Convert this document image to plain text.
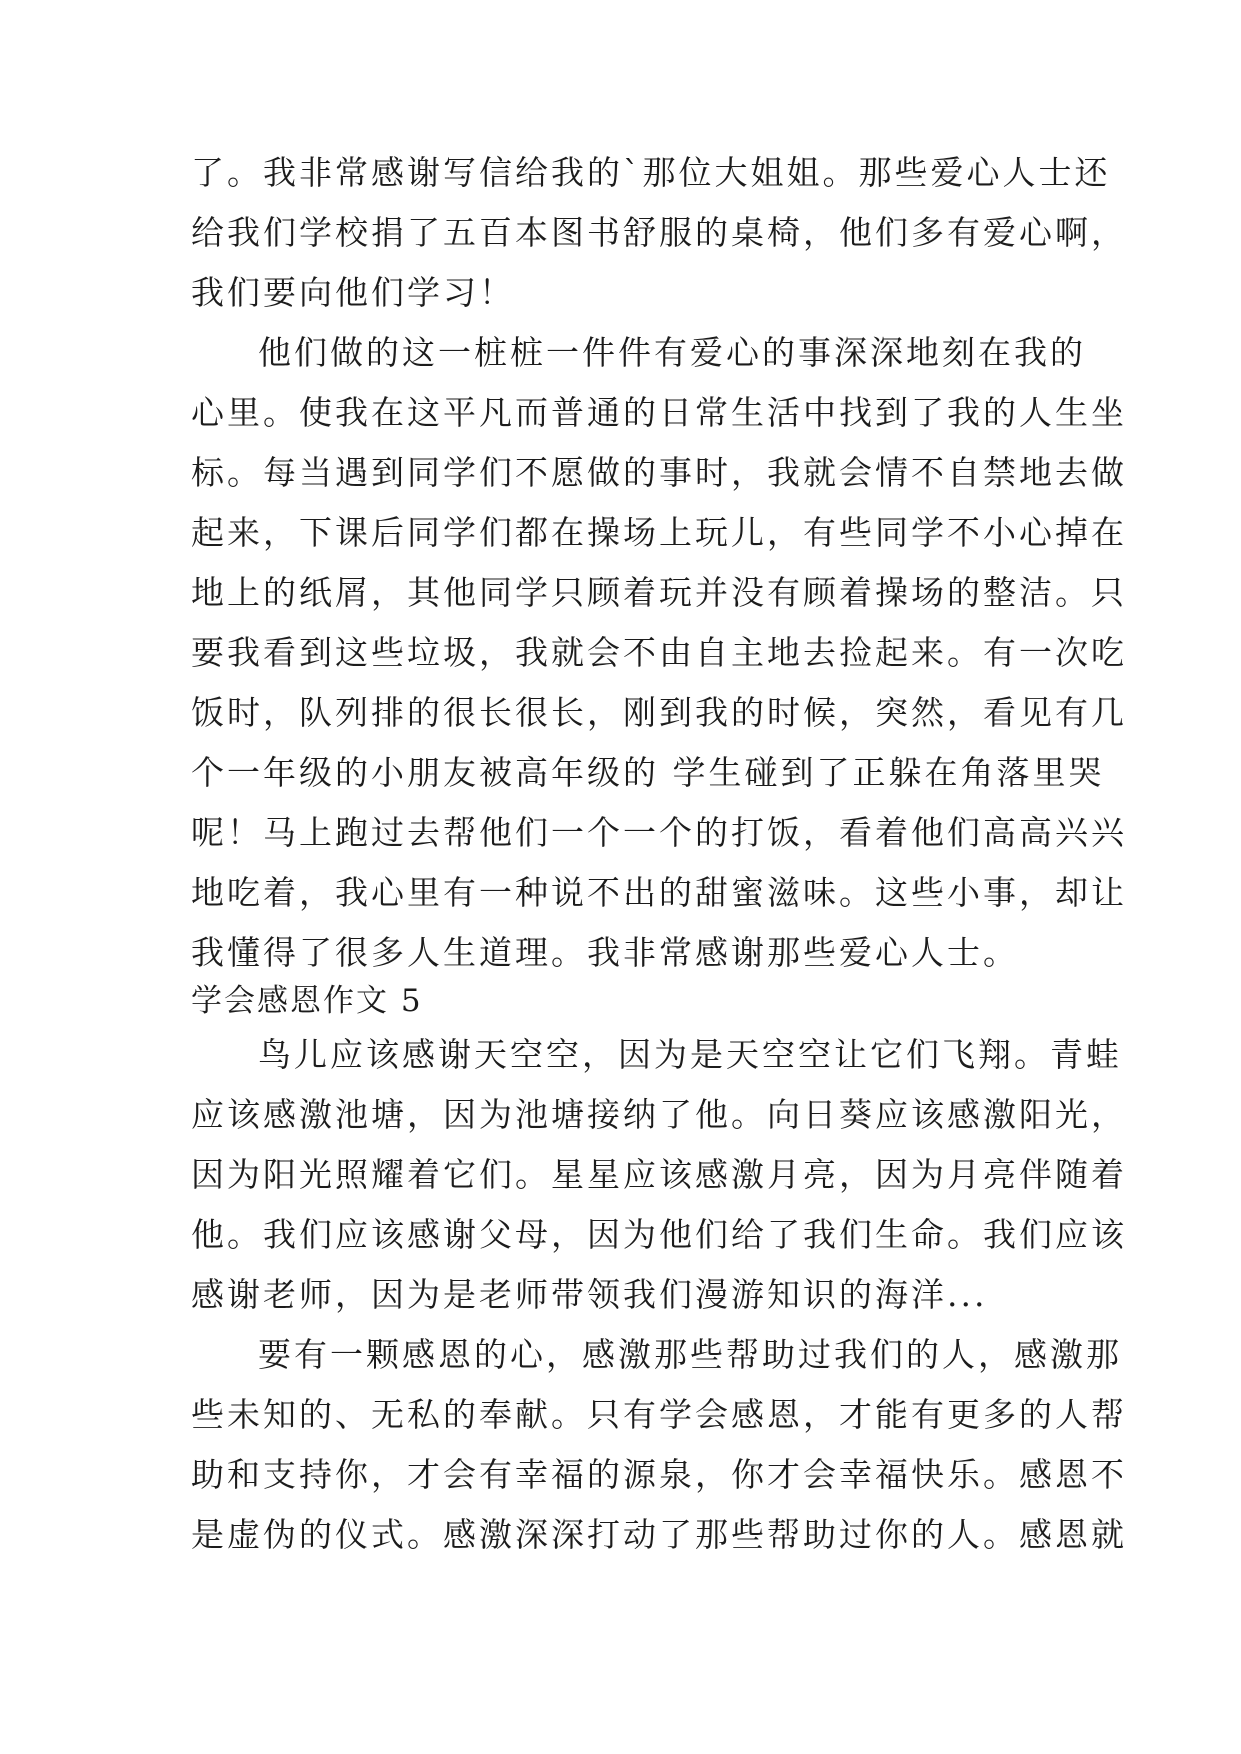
了。我非常感谢写信给我的`那位大姐姐。那些爱心人士还
给我们学校捐了五百本图书舒服的桌椅，他们多有爱心啊，
我们要向他们学习！
他们做的这一桩桩一件件有爱心的事深深地刻在我的
心里。使我在这平凡而普通的日常生活中找到了我的人生坐
标。每当遇到同学们不愿做的事时，我就会情不自禁地去做
起来，下课后同学们都在操场上玩儿，有些同学不小心掉在
地上的纸屑，其他同学只顾着玩并没有顾着操场的整洁。只
要我看到这些垃圾，我就会不由自主地去捡起来。有一次吃
饭时，队列排的很长很长，刚到我的时候，突然，看见有几
个一年级的小朋友被高年级的 学生碰到了正躲在角落里哭
呢！马上跑过去帮他们一个一个的打饭，看着他们高高兴兴
地吃着，我心里有一种说不出的甜蜜滋味。这些小事，却让
我懂得了很多人生道理。我非常感谢那些爱心人士。
学会感恩作文 5
鸟儿应该感谢天空空，因为是天空空让它们飞翔。青蛙
应该感激池塘，因为池塘接纳了他。向日葵应该感激阳光，
因为阳光照耀着它们。星星应该感激月亮，因为月亮伴随着
他。我们应该感谢父母，因为他们给了我们生命。我们应该
感谢老师，因为是老师带领我们漫游知识的海洋...
要有一颗感恩的心，感激那些帮助过我们的人，感激那
些未知的、无私的奉献。只有学会感恩，才能有更多的人帮
助和支持你，才会有幸福的源泉，你才会幸福快乐。感恩不
是虚伪的仪式。感激深深打动了那些帮助过你的人。感恩就
